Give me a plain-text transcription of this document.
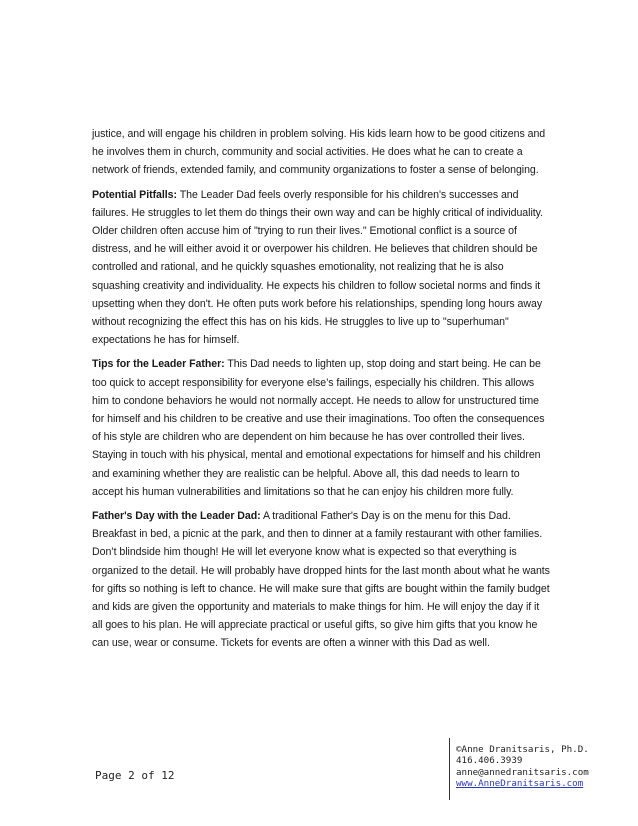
justice, and will engage his children in problem solving. His kids learn how to be good citizens and he involves them in church, community and social activities. He does what he can to create a network of friends, extended family, and community organizations to foster a sense of belonging.

Potential Pitfalls: The Leader Dad feels overly responsible for his children's successes and failures. He struggles to let them do things their own way and can be highly critical of individuality. Older children often accuse him of "trying to run their lives." Emotional conflict is a source of distress, and he will either avoid it or overpower his children. He believes that children should be controlled and rational, and he quickly squashes emotionality, not realizing that he is also squashing creativity and individuality. He expects his children to follow societal norms and finds it upsetting when they don't. He often puts work before his relationships, spending long hours away without recognizing the effect this has on his kids. He struggles to live up to "superhuman" expectations he has for himself.

Tips for the Leader Father: This Dad needs to lighten up, stop doing and start being. He can be too quick to accept responsibility for everyone else’s failings, especially his children. This allows him to condone behaviors he would not normally accept. He needs to allow for unstructured time for himself and his children to be creative and use their imaginations. Too often the consequences of his style are children who are dependent on him because he has over controlled their lives. Staying in touch with his physical, mental and emotional expectations for himself and his children and examining whether they are realistic can be helpful. Above all, this dad needs to learn to accept his human vulnerabilities and limitations so that he can enjoy his children more fully.

Father's Day with the Leader Dad: A traditional Father's Day is on the menu for this Dad. Breakfast in bed, a picnic at the park, and then to dinner at a family restaurant with other families. Don’t blindside him though! He will let everyone know what is expected so that everything is organized to the detail. He will probably have dropped hints for the last month about what he wants for gifts so nothing is left to chance. He will make sure that gifts are bought within the family budget and kids are given the opportunity and materials to make things for him. He will enjoy the day if it all goes to his plan. He will appreciate practical or useful gifts, so give him gifts that you know he can use, wear or consume. Tickets for events are often a winner with this Dad as well.

Page 2 of 12
©Anne Dranitsaris, Ph.D.
416.406.3939
anne@annedranitsaris.com
www.AnneDranitsaris.com
